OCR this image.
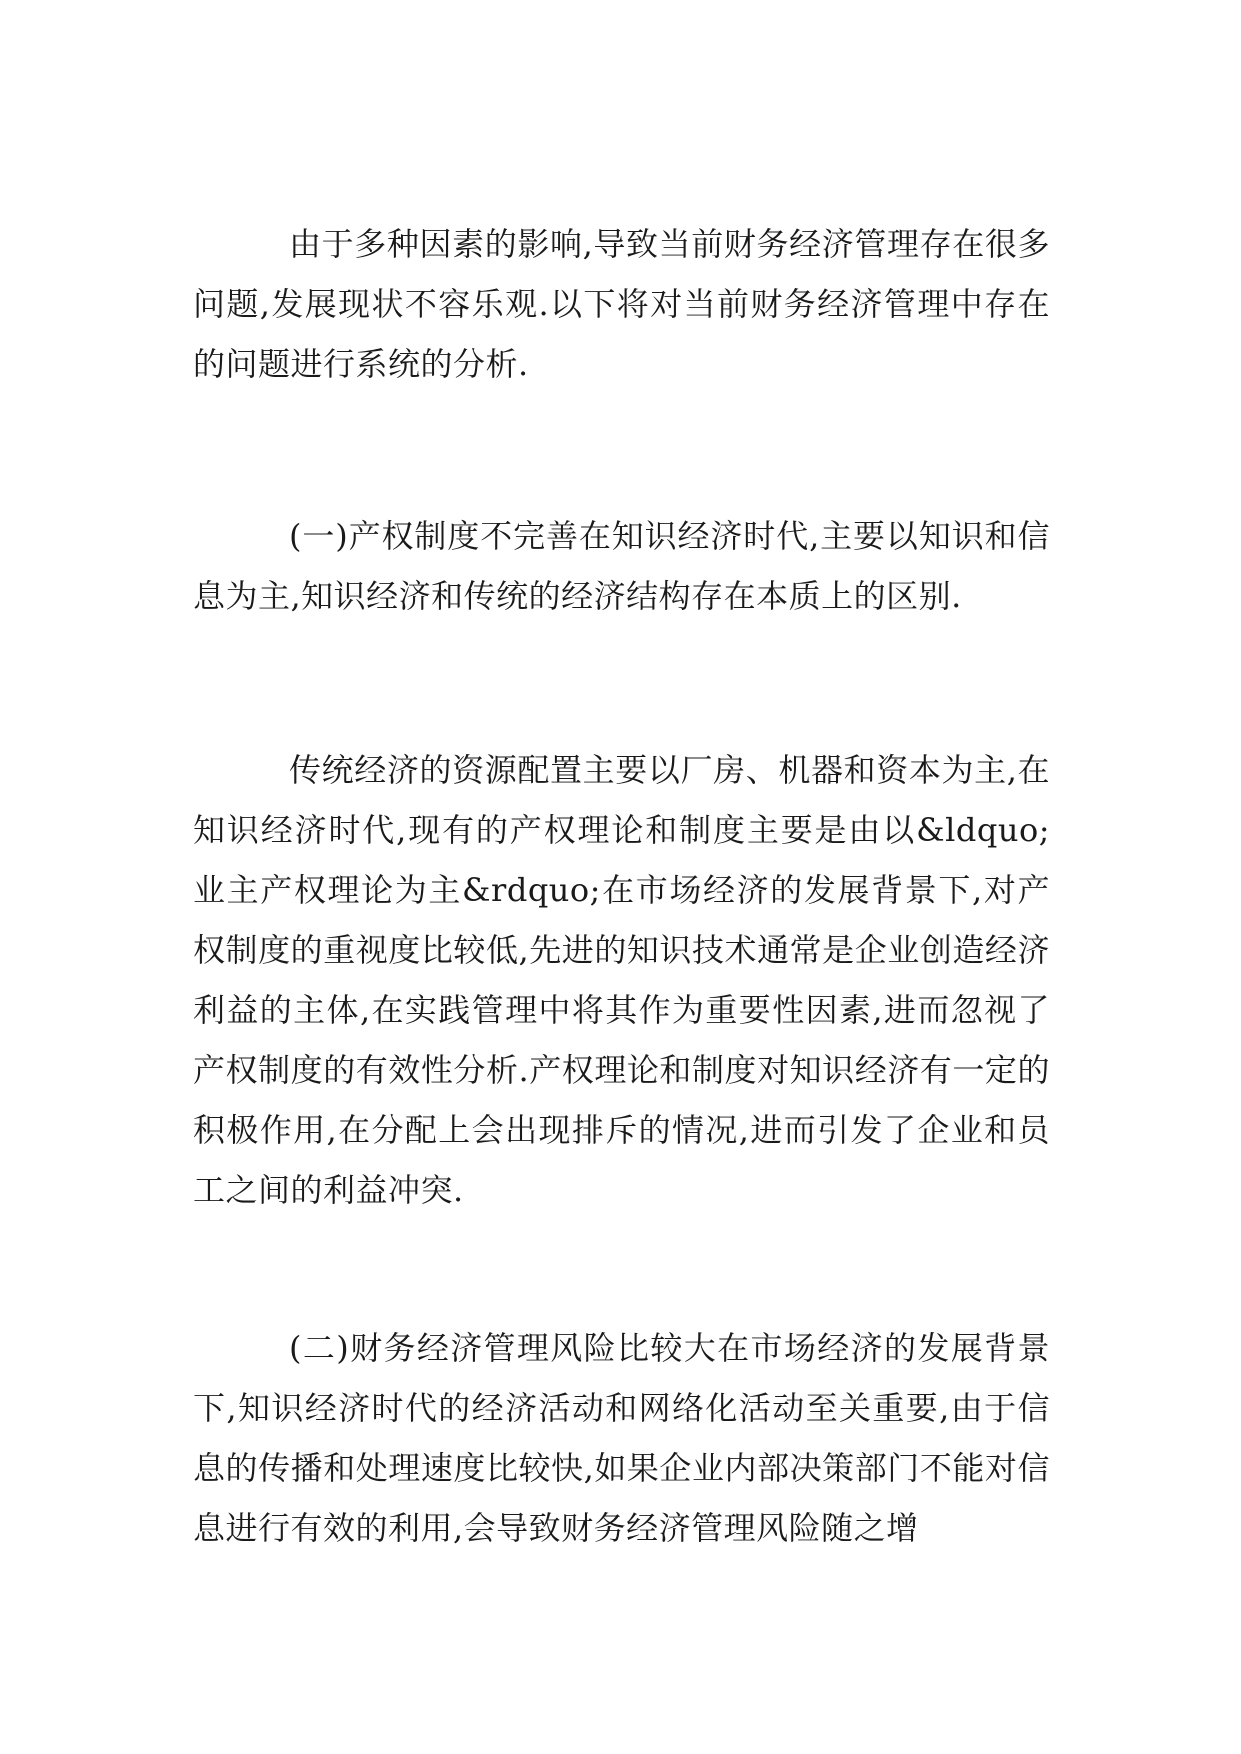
由于多种因素的影响,导致当前财务经济管理存在很多问题,发展现状不容乐观.以下将对当前财务经济管理中存在的问题进行系统的分析.

(一)产权制度不完善在知识经济时代,主要以知识和信息为主,知识经济和传统的经济结构存在本质上的区别.

传统经济的资源配置主要以厂房、机器和资本为主,在知识经济时代,现有的产权理论和制度主要是由以&ldquo;业主产权理论为主&rdquo;在市场经济的发展背景下,对产权制度的重视度比较低,先进的知识技术通常是企业创造经济利益的主体,在实践管理中将其作为重要性因素,进而忽视了产权制度的有效性分析.产权理论和制度对知识经济有一定的积极作用,在分配上会出现排斥的情况,进而引发了企业和员工之间的利益冲突.

(二)财务经济管理风险比较大在市场经济的发展背景下,知识经济时代的经济活动和网络化活动至关重要,由于信息的传播和处理速度比较快,如果企业内部决策部门不能对信息进行有效的利用,会导致财务经济管理风险随之增
